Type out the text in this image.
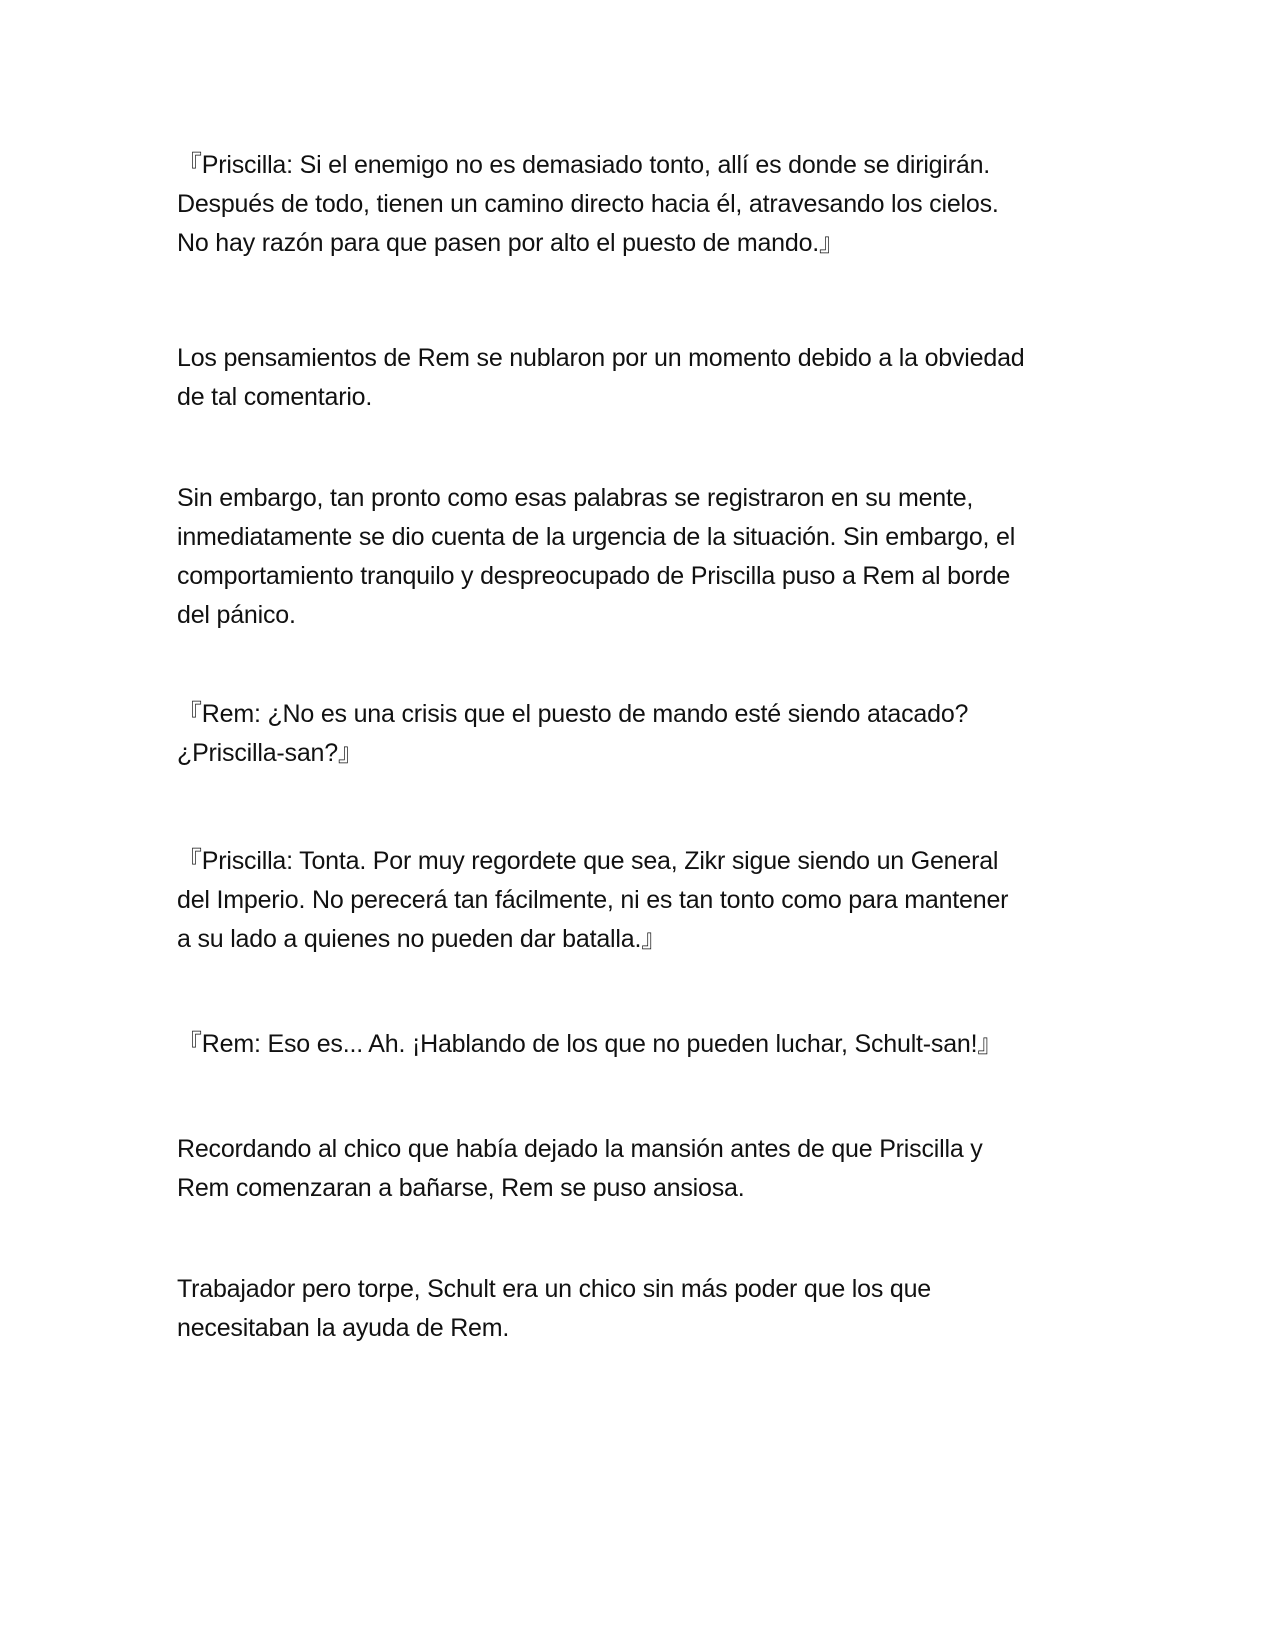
『Priscilla: Si el enemigo no es demasiado tonto, allí es donde se dirigirán.
Después de todo, tienen un camino directo hacia él, atravesando los cielos.
No hay razón para que pasen por alto el puesto de mando.』

Los pensamientos de Rem se nublaron por un momento debido a la obviedad
de tal comentario.

Sin embargo, tan pronto como esas palabras se registraron en su mente,
inmediatamente se dio cuenta de la urgencia de la situación. Sin embargo, el
comportamiento tranquilo y despreocupado de Priscilla puso a Rem al borde
del pánico.

『Rem: ¿No es una crisis que el puesto de mando esté siendo atacado?
¿Priscilla-san?』

『Priscilla: Tonta. Por muy regordete que sea, Zikr sigue siendo un General
del Imperio. No perecerá tan fácilmente, ni es tan tonto como para mantener
a su lado a quienes no pueden dar batalla.』

『Rem: Eso es... Ah. ¡Hablando de los que no pueden luchar, Schult-san!』

Recordando al chico que había dejado la mansión antes de que Priscilla y
Rem comenzaran a bañarse, Rem se puso ansiosa.

Trabajador pero torpe, Schult era un chico sin más poder que los que
necesitaban la ayuda de Rem.
